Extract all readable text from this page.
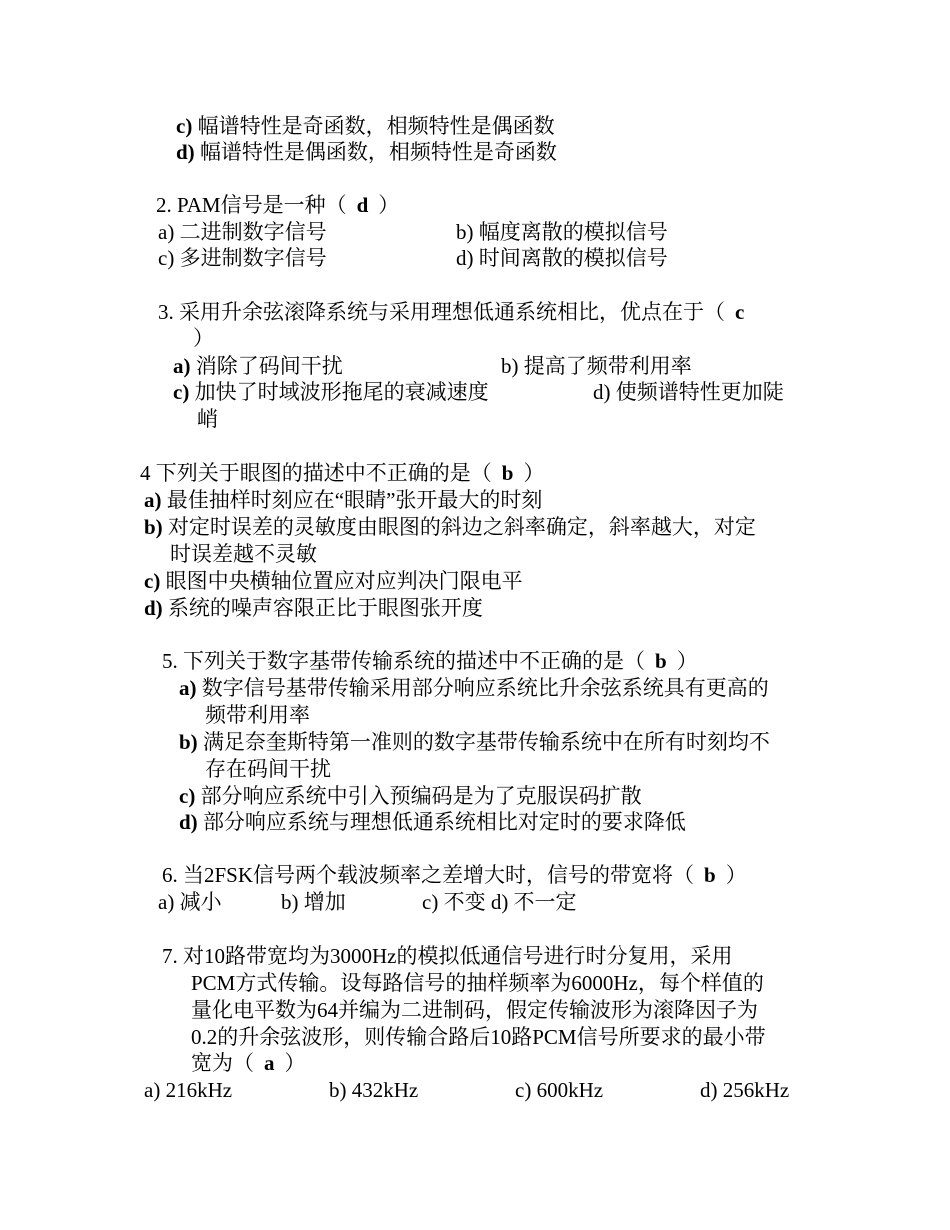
c) 幅谱特性是奇函数，相频特性是偶函数
d) 幅谱特性是偶函数，相频特性是奇函数
2. PAM信号是一种（ d ）
a) 二进制数字信号	b) 幅度离散的模拟信号
c) 多进制数字信号	d) 时间离散的模拟信号
3. 采用升余弦滚降系统与采用理想低通系统相比，优点在于（ c
）
a) 消除了码间干扰	b) 提高了频带利用率
c) 加快了时域波形拖尾的衰减速度	d) 使频谱特性更加陡
峭
4 下列关于眼图的描述中不正确的是（ b ）
a) 最佳抽样时刻应在“眼睛”张开最大的时刻
b) 对定时误差的灵敏度由眼图的斜边之斜率确定，斜率越大，对定
时误差越不灵敏
c) 眼图中央横轴位置应对应判决门限电平
d) 系统的噪声容限正比于眼图张开度
5. 下列关于数字基带传输系统的描述中不正确的是（ b ）
a) 数字信号基带传输采用部分响应系统比升余弦系统具有更高的
频带利用率
b) 满足奈奎斯特第一准则的数字基带传输系统中在所有时刻均不
存在码间干扰
c) 部分响应系统中引入预编码是为了克服误码扩散
d) 部分响应系统与理想低通系统相比对定时的要求降低
6. 当2FSK信号两个载波频率之差增大时，信号的带宽将（ b ）
a) 减小	b) 增加	c) 不变 d) 不一定
7. 对10路带宽均为3000Hz的模拟低通信号进行时分复用，采用
PCM方式传输。设每路信号的抽样频率为6000Hz，每个样值的
量化电平数为64并编为二进制码，假定传输波形为滚降因子为
0.2的升余弦波形，则传输合路后10路PCM信号所要求的最小带
宽为（ a ）
a) 216kHz	b) 432kHz	c) 600kHz	d) 256kHz
